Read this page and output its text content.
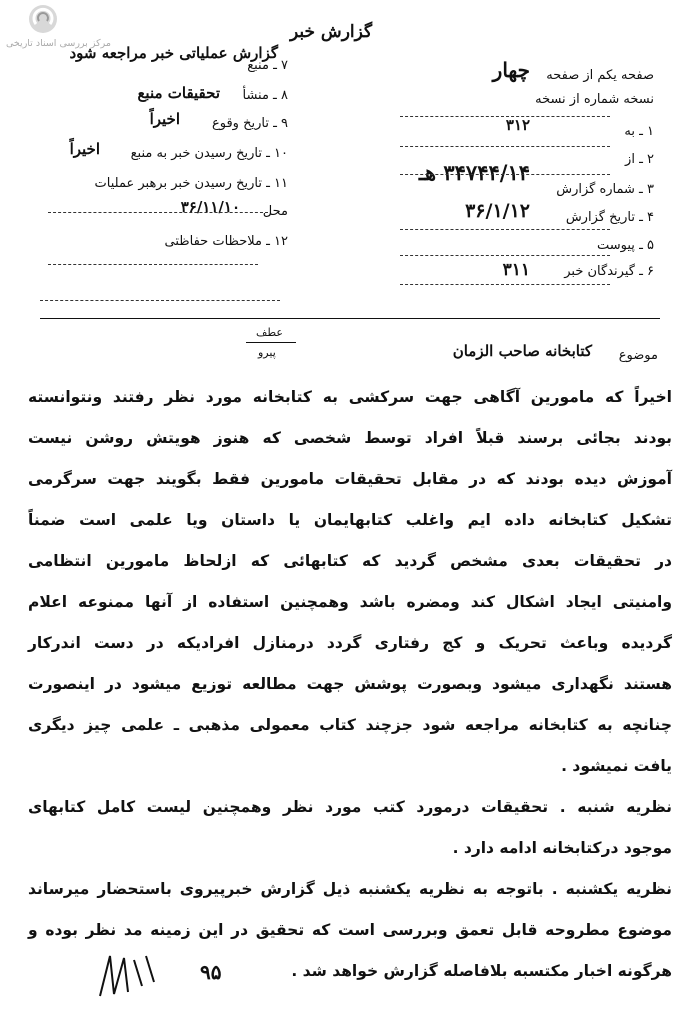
مرکز بررسی اسناد تاریخی
گزارش خبر
۷ ـ منبع
گزارش عملیاتی خبر مراجعه شود
۸ ـ منشأ
تحقیقات منبع
۹ ـ تاریخ وقوع
اخیراً
۱۰ ـ تاریخ رسیدن خبر به منبع
اخیراً
۱۱ ـ تاریخ رسیدن خبر برهبر عملیات
محل
۳۶/۱۱/۱۰
۱۲ ـ ملاحظات حفاظتی
صفحه یکم از صفحه
نسخه شماره از نسخه
چهار
۱ ـ به
۳۱۲
۲ ـ از
۳ ـ شماره گزارش
۳۴۷۴۴/۱۴ هـ
۴ ـ تاریخ گزارش
۳۶/۱/۱۲
۵ ـ پیوست
۶ ـ گیرندگان خبر
۳۱۱
عطف
پیرو	موضوع
کتابخانه صاحب الزمان
اخیراً که مامورین آگاهی جهت سرکشی به کتابخانه مورد نظر رفتند ونتوانسته
بودند بجائی برسند قبلاً افراد توسط شخصی که هنوز هویتش روشن نیست
آموزش دیده بودند که در مقابل تحقیقات مامورین فقط بگویند جهت سرگرمی
تشکیل کتابخانه داده ایم واغلب کتابهایمان یا داستان ویا علمی است ضمناً
در تحقیقات بعدی مشخص گردید که کتابهائی که ازلحاظ مامورین انتظامی
وامنیتی ایجاد اشکال کند ومضره باشد وهمچنین استفاده از آنها ممنوعه اعلام
گردیده وباعث تحریک و کج رفتاری گردد درمنازل افرادیکه در دست اندرکار
هستند نگهداری میشود وبصورت پوشش جهت مطالعه توزیع میشود در اینصورت
چنانچه به کتابخانه مراجعه شود جزچند کتاب معمولی مذهبی ـ علمی چیز دیگری
یافت نمیشود .
نظریه شنبه . تحقیقات درمورد کتب مورد نظر وهمچنین لیست کامل کتابهای
موجود درکتابخانه ادامه دارد .
نظریه یکشنبه . باتوجه به نظریه یکشنبه ذیل گزارش خبرپیروی باستحضار میرساند
موضوع مطروحه قابل تعمق وبررسی است که تحقیق در این زمینه مد نظر بوده و
هرگونه اخبار مکتسبه بلافاصله گزارش خواهد شد .
۹۵
